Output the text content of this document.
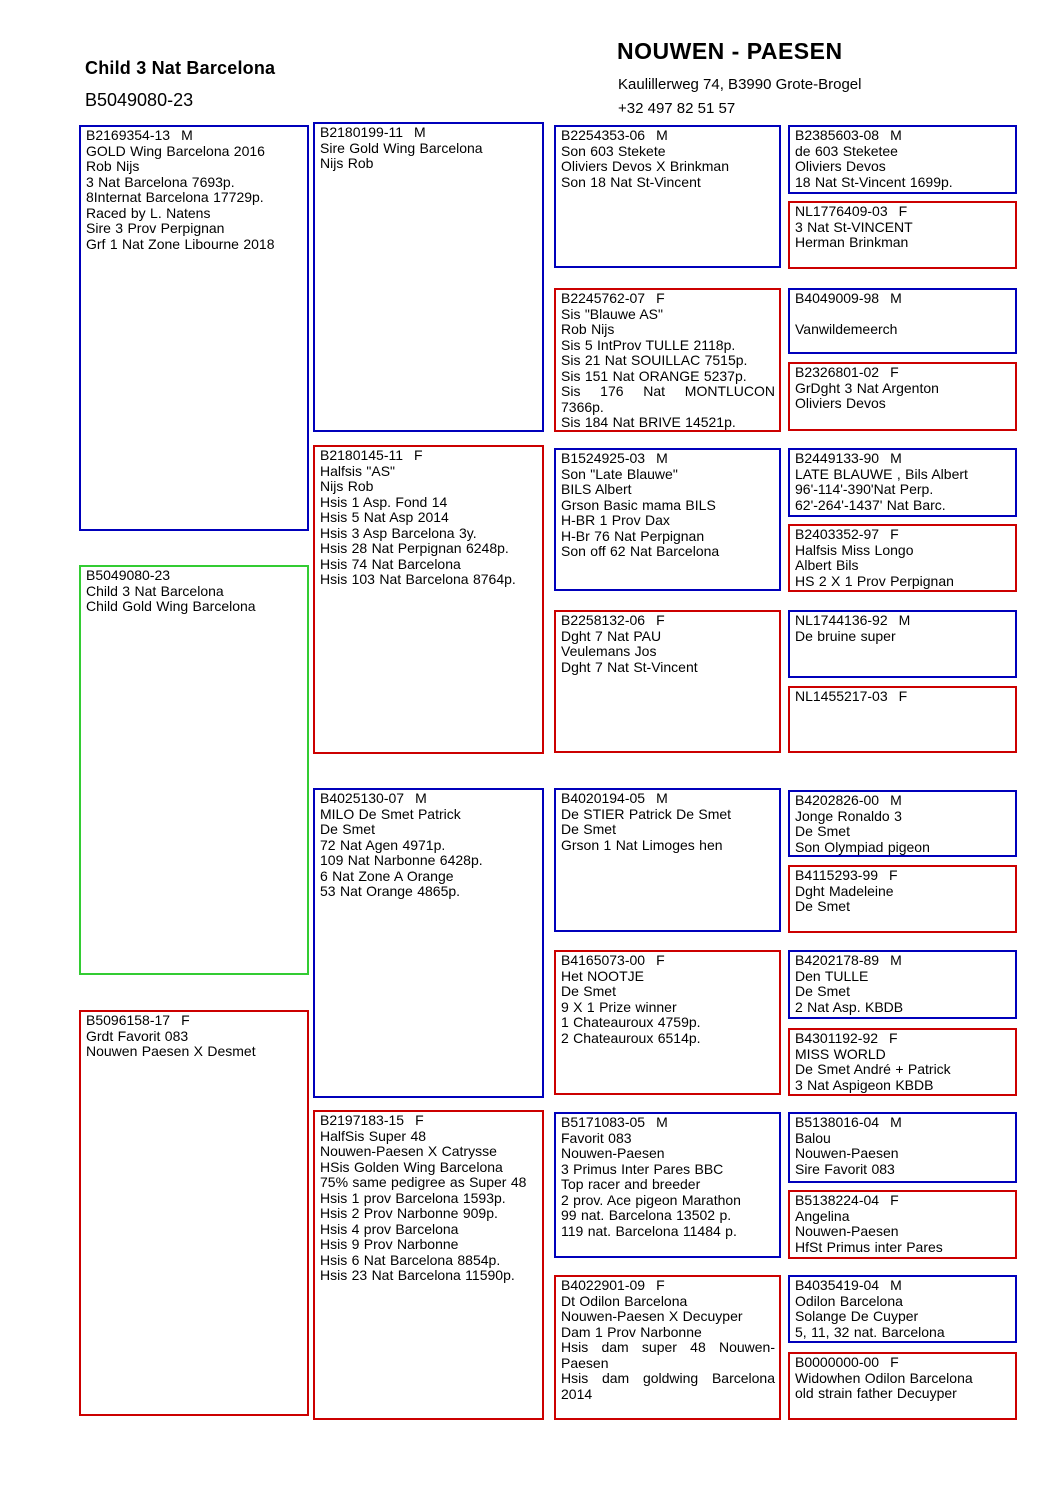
Child 3 Nat Barcelona
B5049080-23
NOUWEN - PAESEN
Kaulillerweg 74, B3990 Grote-Brogel
+32 497 82 51 57
B2169354-13 M
GOLD Wing Barcelona 2016
Rob Nijs
3 Nat Barcelona 7693p.
8Internat Barcelona 17729p.
Raced by L. Natens
Sire 3 Prov Perpignan
Grf 1 Nat Zone Libourne 2018
B5049080-23
Child 3 Nat Barcelona
Child Gold Wing Barcelona
B5096158-17 F
Grdt Favorit 083
Nouwen Paesen X Desmet
B2180199-11 M
Sire Gold Wing Barcelona
Nijs Rob
B2180145-11 F
Halfsis "AS"
Nijs Rob
Hsis 1 Asp. Fond 14
Hsis 5 Nat Asp 2014
Hsis 3 Asp Barcelona 3y.
Hsis 28 Nat Perpignan 6248p.
Hsis 74 Nat Barcelona
Hsis 103 Nat Barcelona 8764p.
B4025130-07 M
MILO De Smet Patrick
De Smet
72 Nat Agen 4971p.
109 Nat Narbonne 6428p.
6 Nat Zone A Orange
53 Nat Orange 4865p.
B2197183-15 F
HalfSis Super 48
Nouwen-Paesen X Catrysse
HSis Golden Wing Barcelona
75% same pedigree as Super 48
Hsis 1 prov Barcelona 1593p.
Hsis 2 Prov Narbonne 909p.
Hsis 4 prov Barcelona
Hsis 9 Prov Narbonne
Hsis 6 Nat Barcelona 8854p.
Hsis 23 Nat Barcelona 11590p.
B2254353-06 M
Son 603 Stekete
Oliviers Devos X Brinkman
Son 18 Nat St-Vincent
B2245762-07 F
Sis "Blauwe AS"
Rob Nijs
Sis 5 IntProv TULLE 2118p.
Sis 21 Nat SOUILLAC 7515p.
Sis 151 Nat ORANGE 5237p.
Sis 176 Nat MONTLUCON 7366p.
Sis 184 Nat BRIVE 14521p.
B1524925-03 M
Son "Late Blauwe"
BILS Albert
Grson Basic mama BILS
H-BR 1 Prov Dax
H-Br 76 Nat Perpignan
Son off 62 Nat Barcelona
B2258132-06 F
Dght 7 Nat PAU
Veulemans Jos
Dght 7 Nat St-Vincent
B4020194-05 M
De STIER Patrick De Smet
De Smet
Grson 1 Nat Limoges hen
B4165073-00 F
Het NOOTJE
De Smet
9 X 1 Prize winner
1 Chateauroux 4759p.
2 Chateauroux 6514p.
B5171083-05 M
Favorit 083
Nouwen-Paesen
3 Primus Inter Pares BBC
Top racer and breeder
2 prov. Ace pigeon Marathon
99 nat. Barcelona 13502 p.
119 nat. Barcelona 11484 p.
B4022901-09 F
Dt Odilon Barcelona
Nouwen-Paesen X Decuyper
Dam 1 Prov Narbonne
Hsis dam super 48 Nouwen-Paesen
Hsis dam goldwing Barcelona 2014
B2385603-08 M
de 603 Steketee
Oliviers Devos
18 Nat St-Vincent 1699p.
NL1776409-03 F
3 Nat St-VINCENT
Herman Brinkman
B4049009-98 M
Vanwildemeerch
B2326801-02 F
GrDght 3 Nat Argenton
Oliviers Devos
B2449133-90 M
LATE BLAUWE , Bils Albert
96'-114'-390'Nat Perp.
62'-264'-1437' Nat Barc.
B2403352-97 F
Halfsis Miss Longo
Albert Bils
HS 2 X 1 Prov Perpignan
NL1744136-92 M
De bruine super
NL1455217-03 F
B4202826-00 M
Jonge Ronaldo 3
De Smet
Son Olympiad pigeon
B4115293-99 F
Dght Madeleine
De Smet
B4202178-89 M
Den TULLE
De Smet
2 Nat Asp. KBDB
B4301192-92 F
MISS WORLD
De Smet André + Patrick
3 Nat Aspigeon KBDB
B5138016-04 M
Balou
Nouwen-Paesen
Sire Favorit 083
B5138224-04 F
Angelina
Nouwen-Paesen
HfSt Primus inter Pares
B4035419-04 M
Odilon Barcelona
Solange De Cuyper
5, 11, 32 nat. Barcelona
B0000000-00 F
Widowhen Odilon Barcelona
old strain father Decuyper
